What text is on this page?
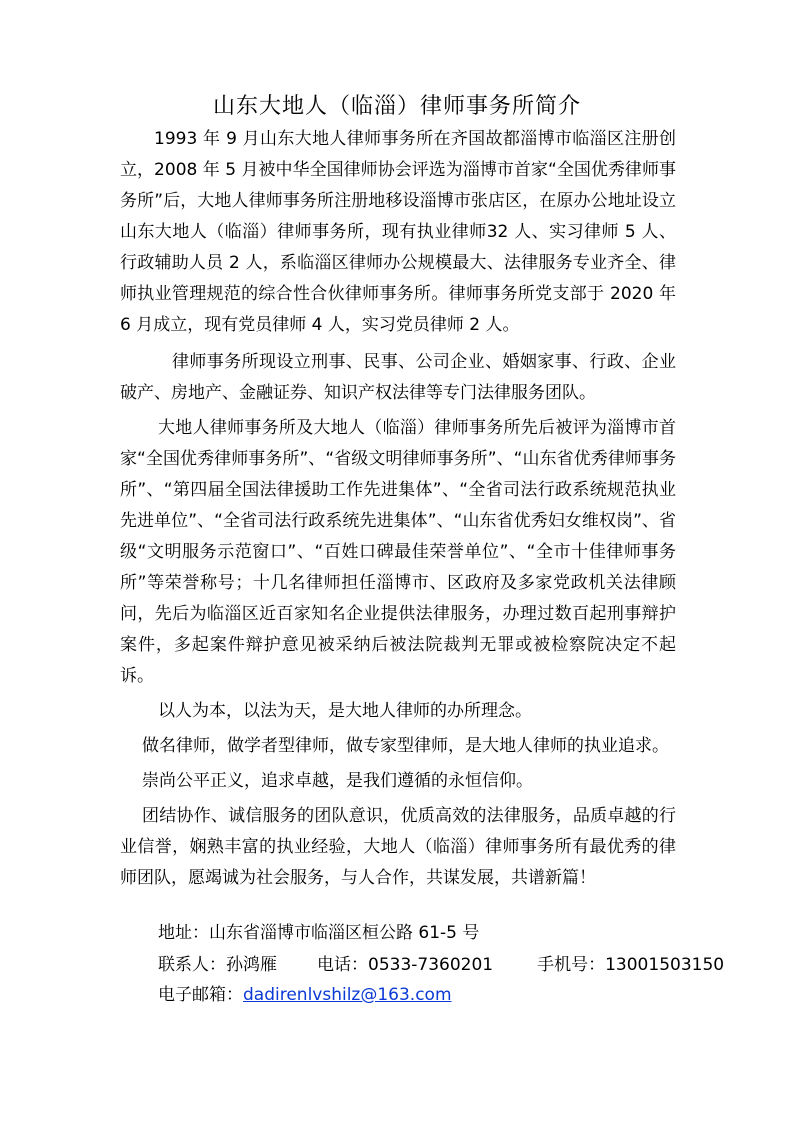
山东大地人（临淄）律师事务所简介

1993 年 9 月山东大地人律师事务所在齐国故都淄博市临淄区注册创立，2008 年 5 月被中华全国律师协会评选为淄博市首家“全国优秀律师事务所”后，大地人律师事务所注册地移设淄博市张店区，在原办公地址设立山东大地人（临淄）律师事务所，现有执业律师32 人、实习律师 5 人、行政辅助人员 2 人，系临淄区律师办公规模最大、法律服务专业齐全、律师执业管理规范的综合性合伙律师事务所。律师事务所党支部于 2020 年 6 月成立，现有党员律师 4 人，实习党员律师 2 人。

律师事务所现设立刑事、民事、公司企业、婚姻家事、行政、企业破产、房地产、金融证券、知识产权法律等专门法律服务团队。

大地人律师事务所及大地人（临淄）律师事务所先后被评为淄博市首家“全国优秀律师事务所”、“省级文明律师事务所”、“山东省优秀律师事务所”、“第四届全国法律援助工作先进集体”、“全省司法行政系统规范执业先进单位”、“全省司法行政系统先进集体”、“山东省优秀妇女维权岗”、省级“文明服务示范窗口”、“百姓口碑最佳荣誉单位”、“全市十佳律师事务所”等荣誉称号；十几名律师担任淄博市、区政府及多家党政机关法律顾问，先后为临淄区近百家知名企业提供法律服务，办理过数百起刑事辩护案件，多起案件辩护意见被采纳后被法院裁判无罪或被检察院决定不起诉。

以人为本，以法为天，是大地人律师的办所理念。

做名律师，做学者型律师，做专家型律师，是大地人律师的执业追求。

崇尚公平正义，追求卓越，是我们遵循的永恒信仰。

团结协作、诚信服务的团队意识，优质高效的法律服务，品质卓越的行业信誉，娴熟丰富的执业经验，大地人（临淄）律师事务所有最优秀的律师团队，愿竭诚为社会服务，与人合作，共谋发展，共谱新篇！

地址：山东省淄博市临淄区桓公路 61-5 号
联系人：孙鸿雁 电话：0533-7360201	手机号：13001503150
电子邮箱：dadirenlvshilz@163.com
